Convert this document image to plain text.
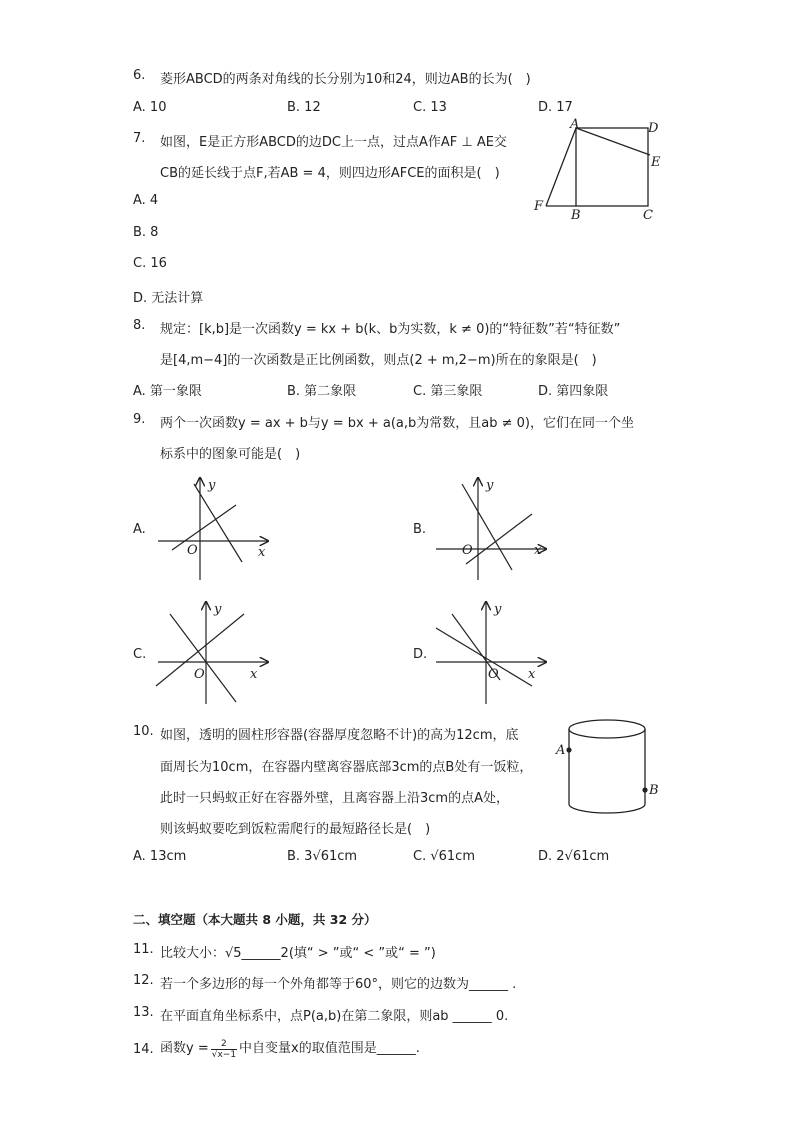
6. 菱形ABCD的两条对角线的长分别为10和24，则边AB的长为(　)
A. 10	B. 12	C. 13	D. 17
7. 如图，E是正方形ABCD的边DC上一点，过点A作AF ⊥ AE交
CB的延长线于点F,若AB = 4，则四边形AFCE的面积是(　)
A. 4
B. 8
C. 16
D. 无法计算
A	D
E
F
B	C
8. 规定：[k,b]是一次函数y = kx + b(k、b为实数，k ≠ 0)的“特征数”若“特征数”
是[4,m−4]的一次函数是正比例函数，则点(2 + m,2−m)所在的象限是(　)
A. 第一象限	B. 第二象限	C. 第三象限	D. 第四象限
9. 两个一次函数y = ax + b与y = bx + a(a,b为常数，且ab ≠ 0)，它们在同一个坐
标系中的图象可能是(　)
A.	B.
C.	D.
y
x
O
y
x
O
y
x
O
y
x
O
10. 如图，透明的圆柱形容器(容器厚度忽略不计)的高为12cm，底
面周长为10cm，在容器内壁离容器底部3cm的点B处有一饭粒，
此时一只蚂蚁正好在容器外壁，且离容器上沿3cm的点A处，
则该蚂蚁要吃到饭粒需爬行的最短路径长是(　)
A. 13cm	B. 3√61cm	C. √61cm	D. 2√61cm
A
B
二、填空题（本大题共 8 小题，共 32 分）
11. 比较大小：√5______2(填“ > ”或“ < ”或“ = ”)
12. 若一个多边形的每一个外角都等于60°，则它的边数为______ .
13. 在平面直角坐标系中，点P(a,b)在第二象限，则ab ______ 0.
14. 函数$y = \frac{2}{√x-1}$ 中自变量x的取值范围是______.
